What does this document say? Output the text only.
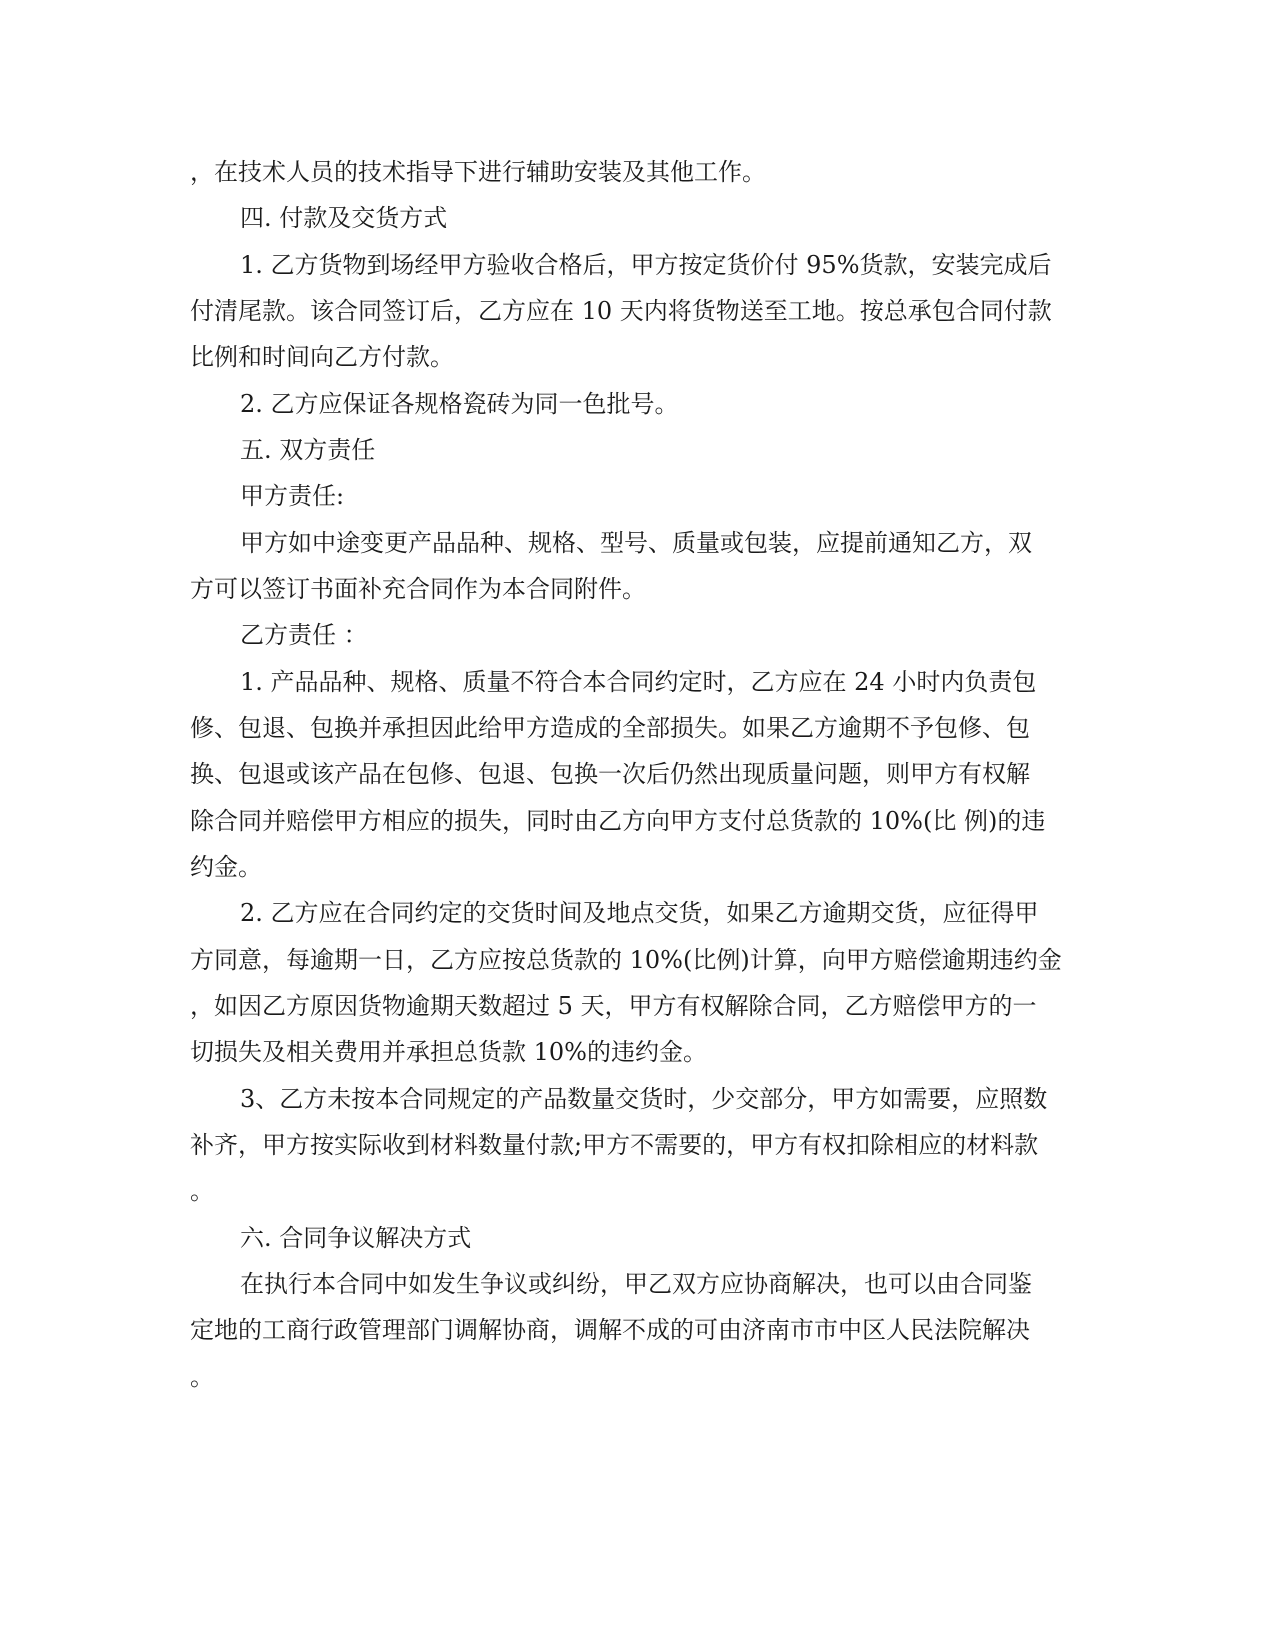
，在技术人员的技术指导下进行辅助安装及其他工作。
四. 付款及交货方式
1. 乙方货物到场经甲方验收合格后，甲方按定货价付 95%货款，安装完成后
付清尾款。该合同签订后，乙方应在 10 天内将货物送至工地。按总承包合同付款
比例和时间向乙方付款。
2. 乙方应保证各规格瓷砖为同一色批号。
五. 双方责任
甲方责任:
甲方如中途变更产品品种、规格、型号、质量或包装，应提前通知乙方，双
方可以签订书面补充合同作为本合同附件。
乙方责任 ：
1. 产品品种、规格、质量不符合本合同约定时，乙方应在 24 小时内负责包
修、包退、包换并承担因此给甲方造成的全部损失。如果乙方逾期不予包修、包
换、包退或该产品在包修、包退、包换一次后仍然出现质量问题，则甲方有权解
除合同并赔偿甲方相应的损失，同时由乙方向甲方支付总货款的 10%(比 例)的违
约金。
2. 乙方应在合同约定的交货时间及地点交货，如果乙方逾期交货，应征得甲
方同意，每逾期一日，乙方应按总货款的 10%(比例)计算，向甲方赔偿逾期违约金
，如因乙方原因货物逾期天数超过 5 天，甲方有权解除合同，乙方赔偿甲方的一
切损失及相关费用并承担总货款 10%的违约金。
3、乙方未按本合同规定的产品数量交货时，少交部分，甲方如需要，应照数
补齐，甲方按实际收到材料数量付款;甲方不需要的，甲方有权扣除相应的材料款
。
六. 合同争议解决方式
在执行本合同中如发生争议或纠纷，甲乙双方应协商解决，也可以由合同鉴
定地的工商行政管理部门调解协商，调解不成的可由济南市市中区人民法院解决
。
